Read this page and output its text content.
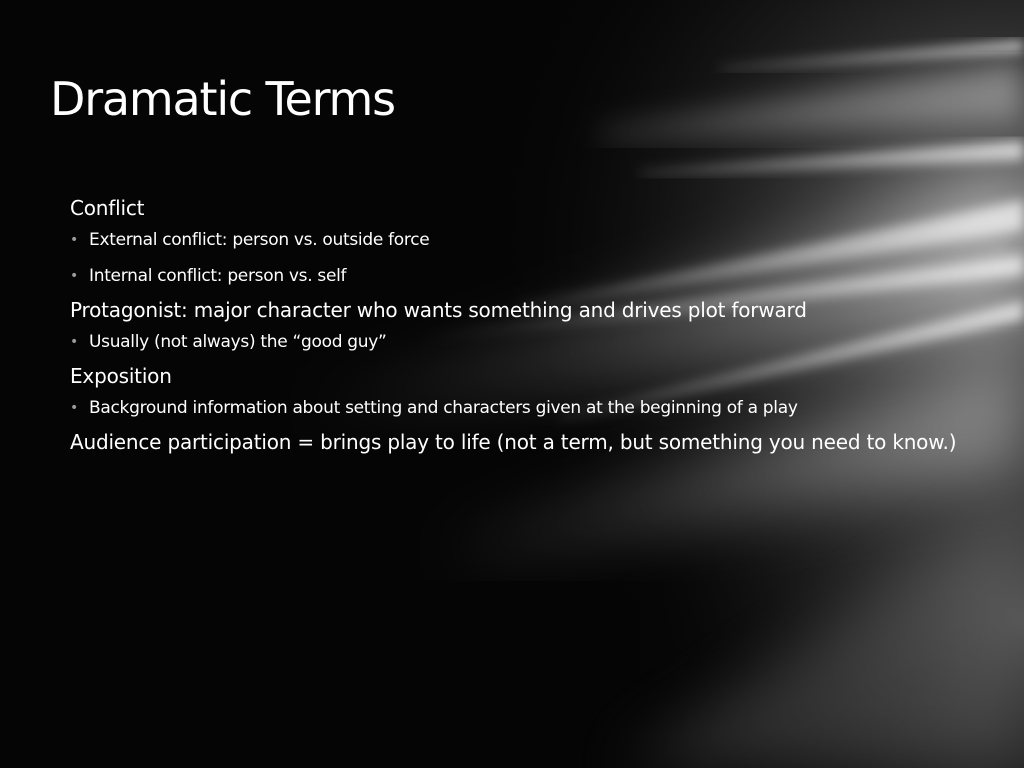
Dramatic Terms

Conflict

• External conflict: person vs. outside force
• Internal conflict: person vs. self

Protagonist: major character who wants something and drives plot forward

• Usually (not always) the “good guy”

Exposition

• Background information about setting and characters given at the beginning of a play

Audience participation = brings play to life (not a term, but something you need to know.)
